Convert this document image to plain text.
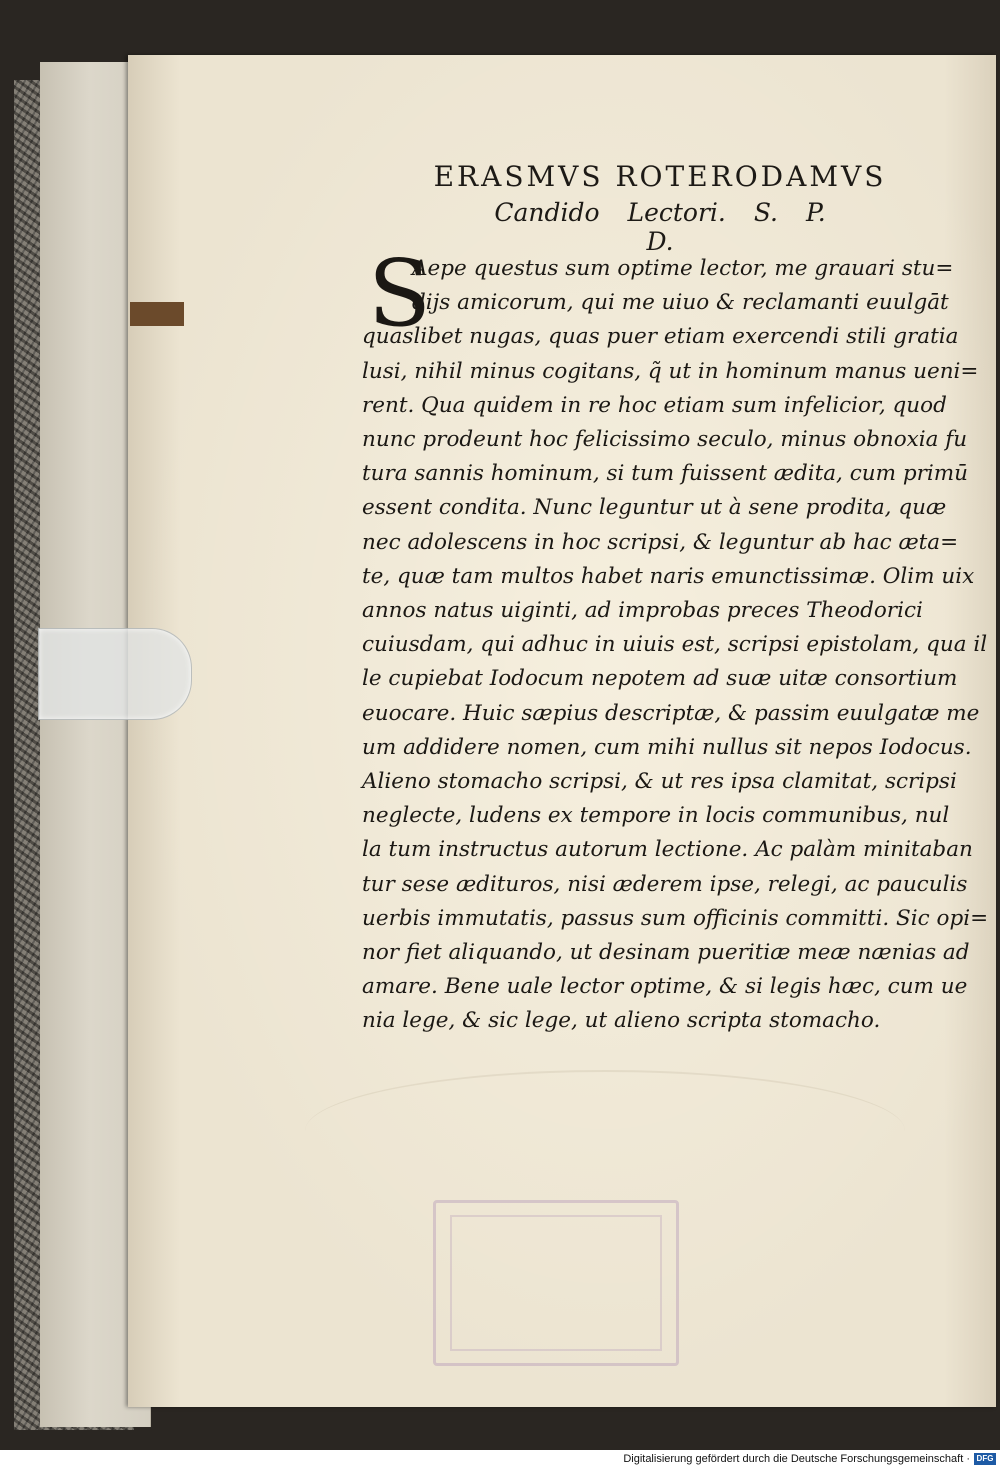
ERASMVS ROTERODAMVS
Candido Lectori. S. P. D.
S
Aepe questus sum optime lector, me grauari stu=
dijs amicorum, qui me uiuo & reclamanti euulgāt
quaslibet nugas, quas puer etiam exercendi stili gratia
lusi, nihil minus cogitans, q̃ ut in hominum manus ueni=
rent. Qua quidem in re hoc etiam sum infelicior, quod
nunc prodeunt hoc felicissimo seculo, minus obnoxia fu
tura sannis hominum, si tum fuissent ædita, cum primū
essent condita. Nunc leguntur ut à sene prodita, quæ
nec adolescens in hoc scripsi, & leguntur ab hac æta=
te, quæ tam multos habet naris emunctissimæ. Olim uix
annos natus uiginti, ad improbas preces Theodorici
cuiusdam, qui adhuc in uiuis est, scripsi epistolam, qua il
le cupiebat Iodocum nepotem ad suæ uitæ consortium
euocare. Huic sæpius descriptæ, & passim euulgatæ me
um addidere nomen, cum mihi nullus sit nepos Iodocus.
Alieno stomacho scripsi, & ut res ipsa clamitat, scripsi
neglecte, ludens ex tempore in locis communibus, nul
la tum instructus autorum lectione. Ac palàm minitaban
tur sese ædituros, nisi æderem ipse, relegi, ac pauculis
uerbis immutatis, passus sum officinis committi. Sic opi=
nor fiet aliquando, ut desinam pueritiæ meæ nænias ad
amare. Bene uale lector optime, & si legis hæc, cum ue
nia lege, & sic lege, ut alieno scripta stomacho.
Digitalisierung gefördert durch die Deutsche Forschungsgemeinschaft · DFG
